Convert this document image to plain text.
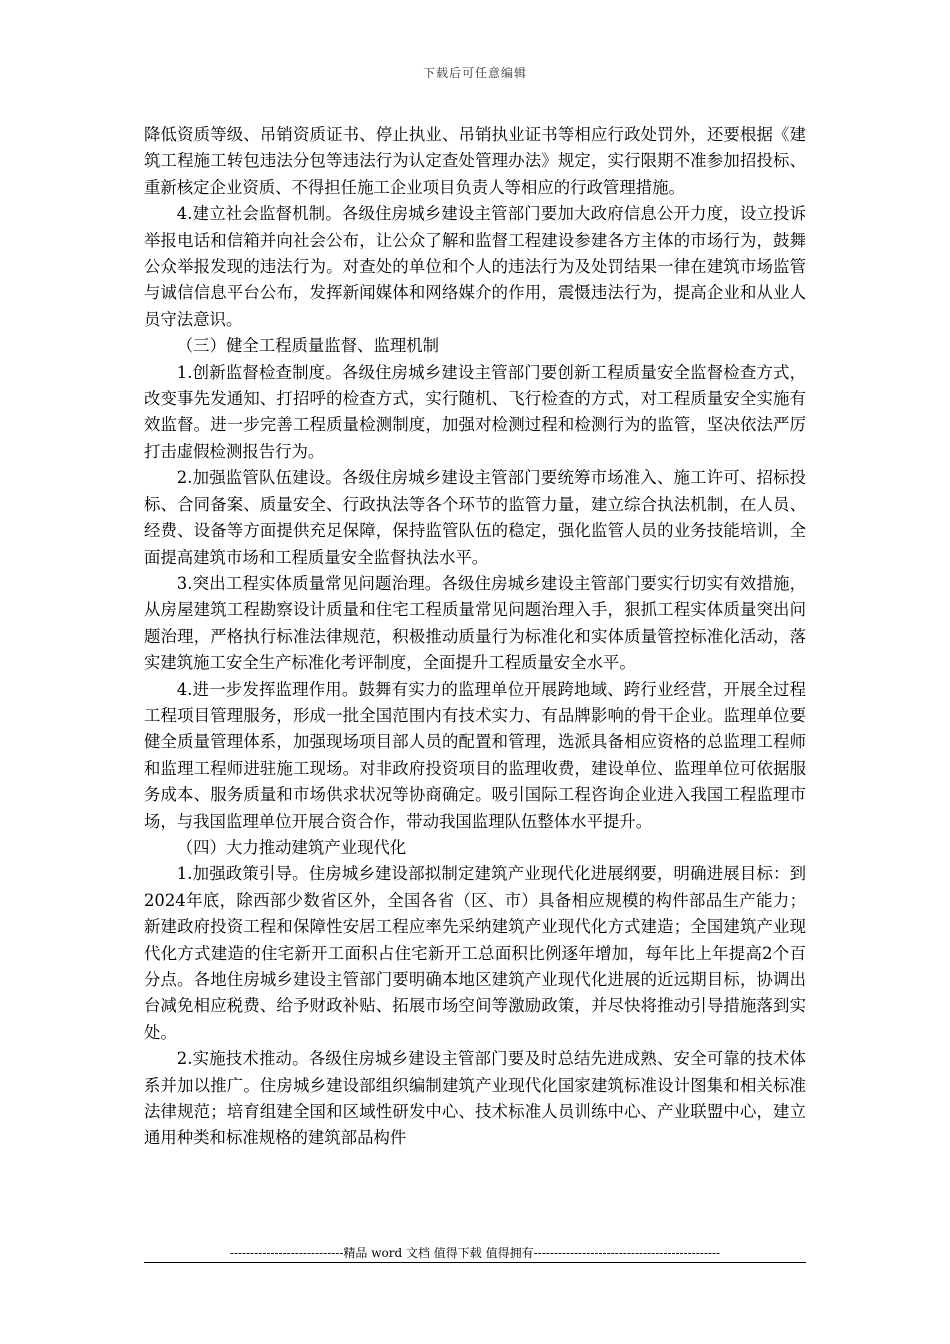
下载后可任意编辑

降低资质等级、吊销资质证书、停止执业、吊销执业证书等相应行政处罚外，还要根据《建筑工程施工转包违法分包等违法行为认定查处管理办法》规定，实行限期不准参加招投标、重新核定企业资质、不得担任施工企业项目负责人等相应的行政管理措施。

4.建立社会监督机制。各级住房城乡建设主管部门要加大政府信息公开力度，设立投诉举报电话和信箱并向社会公布，让公众了解和监督工程建设参建各方主体的市场行为，鼓舞公众举报发现的违法行为。对查处的单位和个人的违法行为及处罚结果一律在建筑市场监管与诚信信息平台公布，发挥新闻媒体和网络媒介的作用，震慑违法行为，提高企业和从业人员守法意识。

（三）健全工程质量监督、监理机制

1.创新监督检查制度。各级住房城乡建设主管部门要创新工程质量安全监督检查方式，改变事先发通知、打招呼的检查方式，实行随机、飞行检查的方式，对工程质量安全实施有效监督。进一步完善工程质量检测制度，加强对检测过程和检测行为的监管，坚决依法严厉打击虚假检测报告行为。

2.加强监管队伍建设。各级住房城乡建设主管部门要统筹市场准入、施工许可、招标投标、合同备案、质量安全、行政执法等各个环节的监管力量，建立综合执法机制，在人员、经费、设备等方面提供充足保障，保持监管队伍的稳定，强化监管人员的业务技能培训，全面提高建筑市场和工程质量安全监督执法水平。

3.突出工程实体质量常见问题治理。各级住房城乡建设主管部门要实行切实有效措施，从房屋建筑工程勘察设计质量和住宅工程质量常见问题治理入手，狠抓工程实体质量突出问题治理，严格执行标准法律规范，积极推动质量行为标准化和实体质量管控标准化活动，落实建筑施工安全生产标准化考评制度，全面提升工程质量安全水平。

4.进一步发挥监理作用。鼓舞有实力的监理单位开展跨地域、跨行业经营，开展全过程工程项目管理服务，形成一批全国范围内有技术实力、有品牌影响的骨干企业。监理单位要健全质量管理体系，加强现场项目部人员的配置和管理，选派具备相应资格的总监理工程师和监理工程师进驻施工现场。对非政府投资项目的监理收费，建设单位、监理单位可依据服务成本、服务质量和市场供求状况等协商确定。吸引国际工程咨询企业进入我国工程监理市场，与我国监理单位开展合资合作，带动我国监理队伍整体水平提升。

（四）大力推动建筑产业现代化

1.加强政策引导。住房城乡建设部拟制定建筑产业现代化进展纲要，明确进展目标：到2024年底，除西部少数省区外，全国各省（区、市）具备相应规模的构件部品生产能力；新建政府投资工程和保障性安居工程应率先采纳建筑产业现代化方式建造；全国建筑产业现代化方式建造的住宅新开工面积占住宅新开工总面积比例逐年增加，每年比上年提高2个百分点。各地住房城乡建设主管部门要明确本地区建筑产业现代化进展的近远期目标，协调出台减免相应税费、给予财政补贴、拓展市场空间等激励政策，并尽快将推动引导措施落到实处。

2.实施技术推动。各级住房城乡建设主管部门要及时总结先进成熟、安全可靠的技术体系并加以推广。住房城乡建设部组织编制建筑产业现代化国家建筑标准设计图集和相关标准法律规范；培育组建全国和区域性研发中心、技术标准人员训练中心、产业联盟中心，建立通用种类和标准规格的建筑部品构件

----------------------------精品 word 文档 值得下载 值得拥有----------------------------------------------
